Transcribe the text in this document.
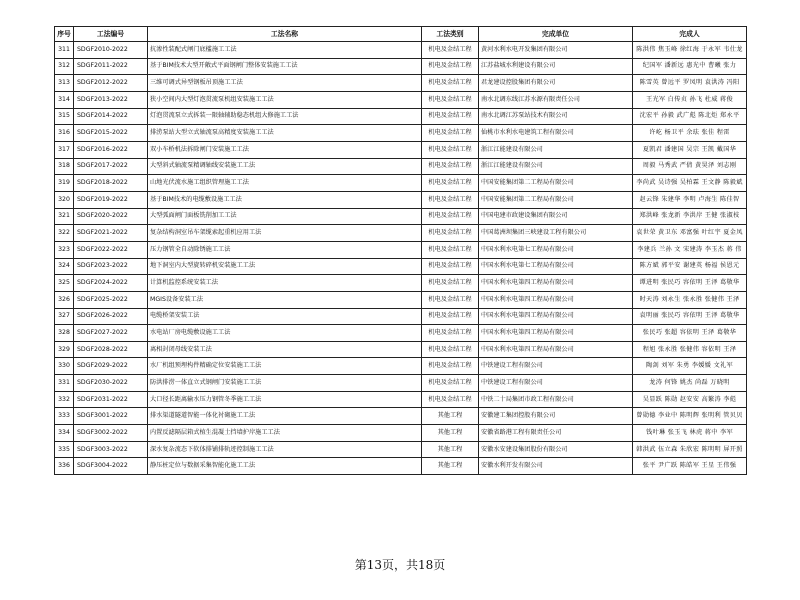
序号	工法编号	工法名称	工法类别	完成单位	完成人
311	SDGF2010-2022	抗渗性装配式闸门底槛施工工法	机电及金结工程	黄河水利水电开发集团有限公司	陈洪伟 焦玉峰 徐红海 于永军 韦仕龙
312	SDGF2011-2022	基于BIM技术大型开敞式平面钢闸门整体安装施工工法	机电及金结工程	江苏盐城水利建设有限公司	纪国军 潘新远 惠光中 曹曦 张力
313	SDGF2012-2022	三维可调式异型钢板吊顶施工工法	机电及金结工程	君龙建设控股集团有限公司	陈雪英 曾远平 罗凤明 袁洪涛 冯阳
314	SDGF2013-2022	狭小空间内大型灯泡贯流泵机组安装施工工法	机电及金结工程	南水北调东线江苏水源有限责任公司	王光军 白传贞 孙飞 杜威 蒋俊
315	SDGF2014-2022	灯泡贯流泵立式拆装一限轴辅助稳态机组大修施工工法	机电及金结工程	南水北调江苏泵站技术有限公司	沈宏平 孙毅 武广彪 陈北炬 郑永平
316	SDGF2015-2022	排涝泵站大型立式轴流泵高精度安装施工工法	机电及金结工程	仙桃市水利水电建筑工程有限公司	许屹 杨卫平 余珐 张佳 程雷
317	SDGF2016-2022	双小车桥机法拆除闸门安装施工工法	机电及金结工程	浙江江能建设有限公司	夏凯君 潘建国 吴宗 王凯 戴国华
318	SDGF2017-2022	大型斜式轴流泵精调轴线安装施工工法	机电及金结工程	浙江江能建设有限公司	周毅 马秀武 严倩 黄昊泽 刘志刚
319	SDGF2018-2022	山地光伏流水施工组织管理施工工法	机电及金结工程	中国安能集团第二工程局有限公司	李尚武 吴诗强 吴柏霖 王文静 陈毅斌
320	SDGF2019-2022	基于BIM技术的电缆敷设施工工法	机电及金结工程	中国安能集团第二工程局有限公司	赵云锋 朱建华 李明 卢海生 陈佳智
321	SDGF2020-2022	大型弧面闸门面板铣削加工工法	机电及金结工程	中国电建市政建设集团有限公司	郑洪峰 张龙新 李洪岸 王健 张淑枝
322	SDGF2021-2022	复杂结构洞室吊车架缆索起重机应用工法	机电及金结工程	中国葛洲坝集团三峡建设工程有限公司	袁世荣 黄卫东 邓富强 叶红宇 夏金凤
323	SDGF2022-2022	压力钢管全自动除锈施工工法	机电及金结工程	中国水利水电第七工程局有限公司	李建兵 兰孙 文 宋建涛 李玉杰 蒋 伟
324	SDGF2023-2022	地下洞室内大型旋转碎机安装施工工法	机电及金结工程	中国水利水电第七工程局有限公司	陈方斌 郭平安 谢建英 杨福 侯恩元
325	SDGF2024-2022	计算机监控系统安装工法	机电及金结工程	中国水利水电第四工程局有限公司	谭进明 张民巧 容依明 王泽 葛敬华
326	SDGF2025-2022	MGIS设备安装工法	机电及金结工程	中国水利水电第四工程局有限公司	时天涛 刘永生 张永胜 张健伟 王泽
327	SDGF2026-2022	电缆桥架安装工法	机电及金结工程	中国水利水电第四工程局有限公司	袁明丽 张民巧 容依明 王泽 葛敬华
328	SDGF2027-2022	水电站厂房电缆敷设施工工法	机电及金结工程	中国水利水电第四工程局有限公司	张民巧 张超 容依明 王泽 葛敬华
329	SDGF2028-2022	离相封闭母线安装工法	机电及金结工程	中国水利水电第四工程局有限公司	程旭 张永胜 张健伟 容依明 王泽
330	SDGF2029-2022	水厂机组预埋构件精确定位安装施工工法	机电及金结工程	中铁建设工程有限公司	陶剑 刘军 朱勇 李媛媛 文礼军
331	SDGF2030-2022	防洪排涝一体直立式钢闸门安装施工工法	机电及金结工程	中铁建设工程有限公司	龙涛 何锋 姚杰 尚磊 万晓明
332	SDGF2031-2022	大口径长距离输水压力钢管冬季施工工法	机电及金结工程	中铁二十局集团市政工程有限公司	吴显跃 陈勋 赵安安 高繁涛 李彪
333	SDGF3001-2022	排水渠道隧道智能一体化衬砌施工工法	其他工程	安徽建工集团控股有限公司	曾勋德 李业中 陈明辉 张明利 管贝贝
334	SDGF3002-2022	内置反滤隔层箱式植生混凝土挡墙护岸施工工法	其他工程	安徽省路港工程有限责任公司	钱叶琳 张玉飞 林虎 蒋中 李军
335	SDGF3003-2022	深水复杂流态下软体排铺排轨迹控制施工工法	其他工程	安徽水安建设集团股份有限公司	韩洪武 伍立森 朱欣宏 陈明明 屏开照
336	SDGF3004-2022	静压桩定位与数据采集智能化施工工法	其他工程	安徽水利开发有限公司	张平 尹广跃 陈皓军 王星 王伟强
第13页，共18页
